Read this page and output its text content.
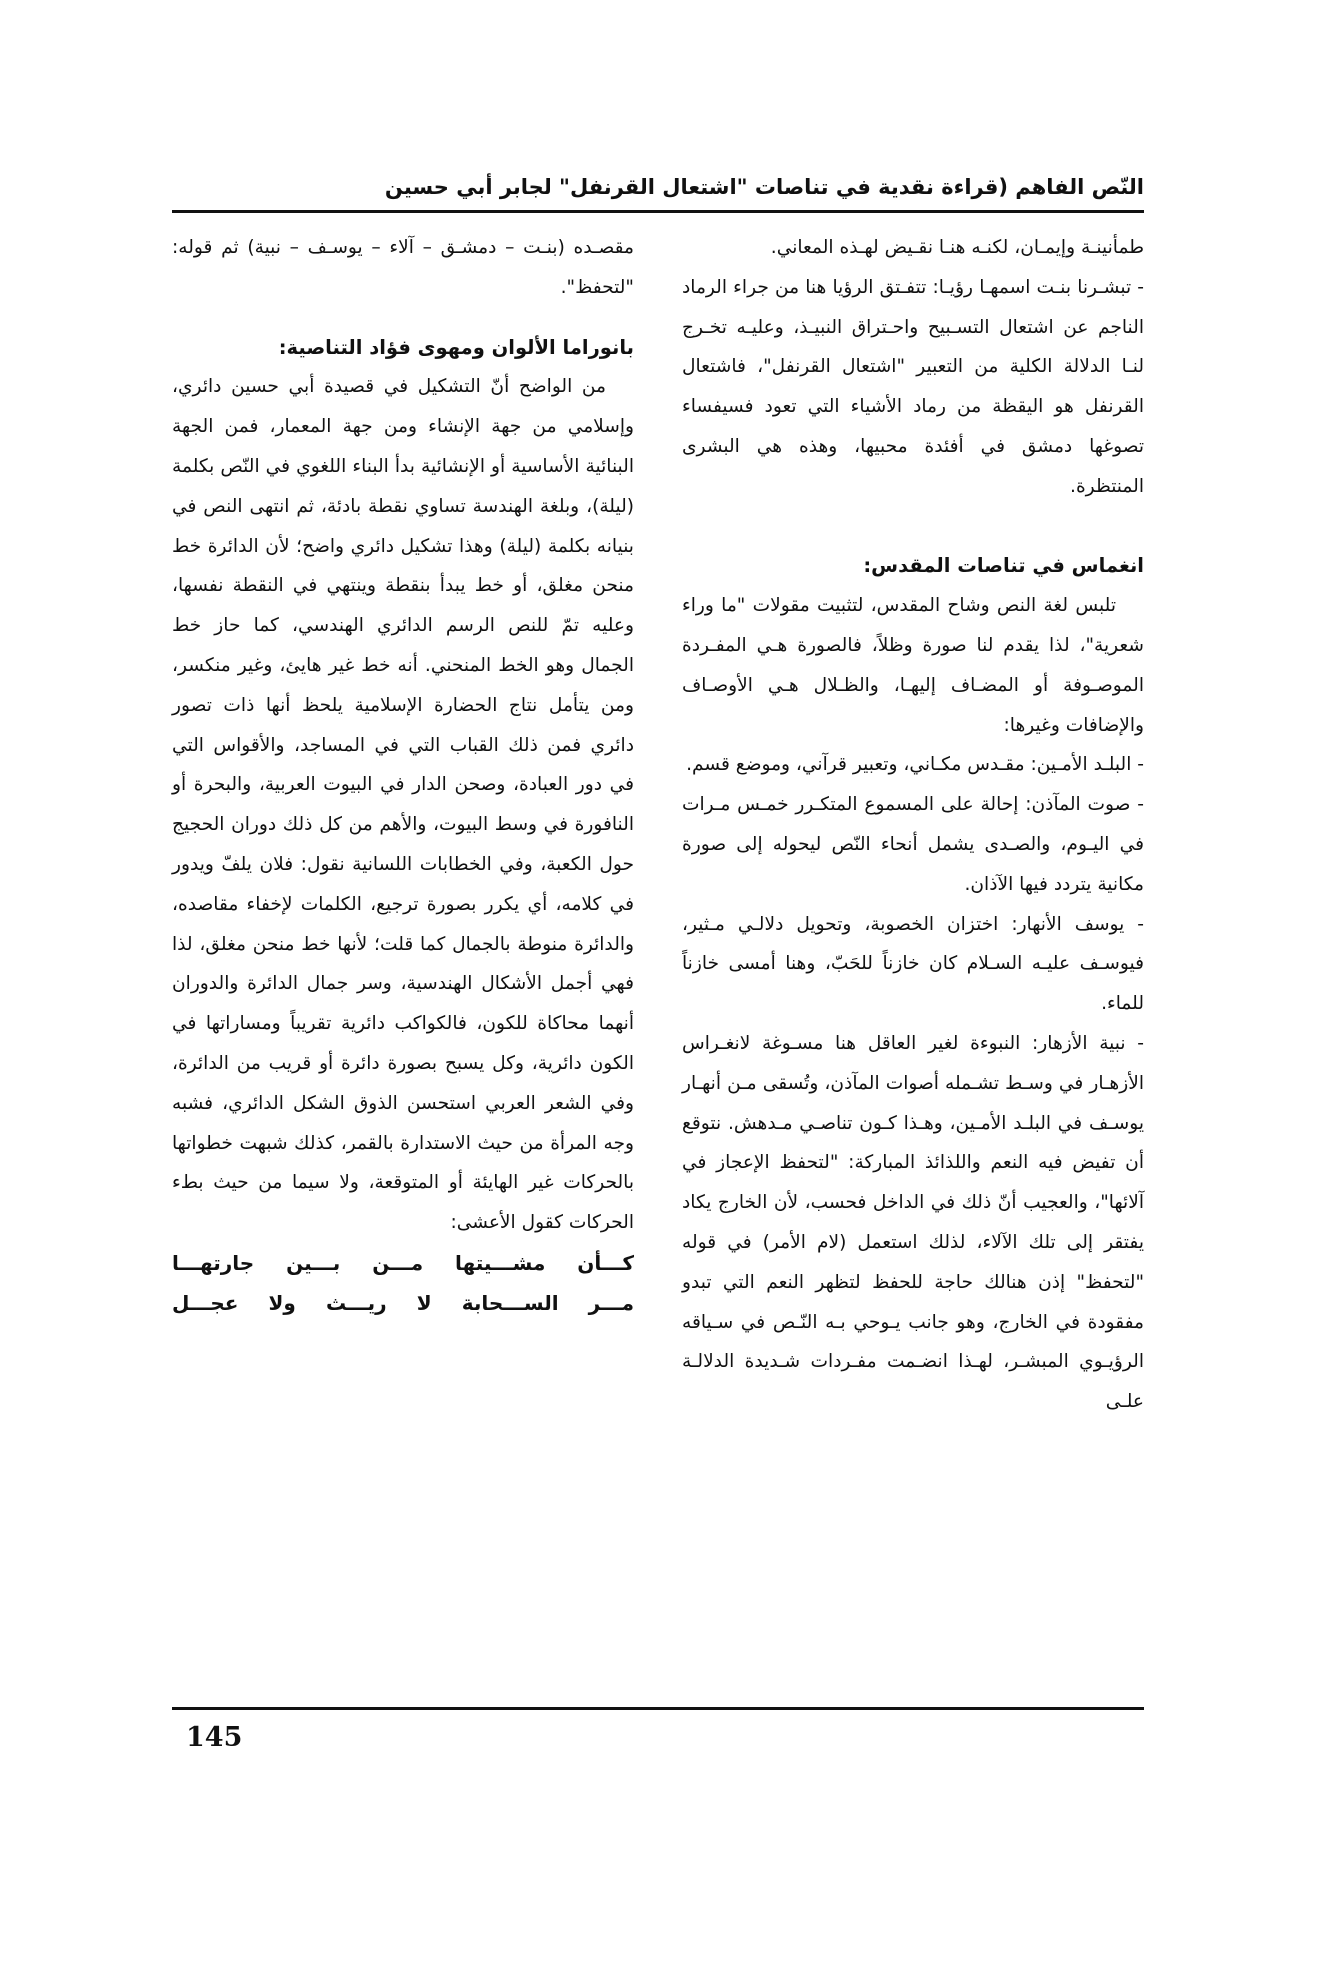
النّص الفاهم (قراءة نقدية في تناصات "اشتعال القرنفل" لجابر أبي حسين

طمأنينـة وإيمـان، لكنـه هنـا نقـيض لهـذه المعاني.

- تبشـرنا بنـت اسمهـا رؤيـا: تتفـتق الرؤيا هنا من جراء الرماد الناجم عن اشتعال التسـبيح واحـتراق النبيـذ، وعليـه تخـرج لنـا الدلالة الكلية من التعبير "اشتعال القرنفل"، فاشتعال القرنفل هو اليقظة من رماد الأشياء التي تعود فسيفساء تصوغها دمشق في أفئدة محبيها، وهذه هي البشرى المنتظرة.

انغماس في تناصات المقدس:

تلبس لغة النص وشاح المقدس، لتثبيت مقولات "ما وراء شعرية"، لذا يقدم لنا صورة وظلاً، فالصورة هـي المفـردة الموصـوفة أو المضـاف إليهـا، والظـلال هـي الأوصـاف والإضافات وغيرها:

- البلـد الأمـين: مقـدس مكـاني، وتعبير قرآني، وموضع قسم.

- صوت المآذن: إحالة على المسموع المتكـرر خمـس مـرات في اليـوم، والصـدى يشمل أنحاء النّص ليحوله إلى صورة مكانية يتردد فيها الآذان.

- يوسف الأنهار: اختزان الخصوبة، وتحويل دلالـي مـثير، فيوسـف عليـه السـلام كان خازناً للحَبّ، وهنا أمسى خازناً للماء.

- نبية الأزهار: النبوءة لغير العاقل هنا مسـوغة لانغـراس الأزهـار في وسـط تشـمله أصوات المآذن، وتُسقى مـن أنهـار يوسـف في البلـد الأمـين، وهـذا كـون تناصـي مـدهش. نتوقع أن تفيض فيه النعم واللذائذ المباركة: "لتحفظ الإعجاز في آلائها"، والعجيب أنّ ذلك في الداخل فحسب، لأن الخارج يكاد يفتقر إلى تلك الآلاء، لذلك استعمل (لام الأمر) في قوله "لتحفظ" إذن هنالك حاجة للحفظ لتظهر النعم التي تبدو مفقودة في الخارج، وهو جانب يـوحي بـه النّـص في سـياقه الرؤيـوي المبشـر، لهـذا انضـمت مفـردات شـديدة الدلالـة علـى

مقصـده (بنـت – دمشـق – آلاء – يوسـف – نبية) ثم قوله: "لتحفظ".

بانوراما الألوان ومهوى فؤاد التناصية:

من الواضح أنّ التشكيل في قصيدة أبي حسين دائري، وإسلامي من جهة الإنشاء ومن جهة المعمار، فمن الجهة البنائية الأساسية أو الإنشائية بدأ البناء اللغوي في النّص بكلمة (ليلة)، وبلغة الهندسة تساوي نقطة بادئة، ثم انتهى النص في بنيانه بكلمة (ليلة) وهذا تشكيل دائري واضح؛ لأن الدائرة خط منحن مغلق، أو خط يبدأ بنقطة وينتهي في النقطة نفسها، وعليه تمّ للنص الرسم الدائري الهندسي، كما حاز خط الجمال وهو الخط المنحني. أنه خط غير هايئ، وغير منكسر، ومن يتأمل نتاج الحضارة الإسلامية يلحظ أنها ذات تصور دائري فمن ذلك القباب التي في المساجد، والأقواس التي في دور العبادة، وصحن الدار في البيوت العربية، والبحرة أو النافورة في وسط البيوت، والأهم من كل ذلك دوران الحجيج حول الكعبة، وفي الخطابات اللسانية نقول: فلان يلفّ ويدور في كلامه، أي يكرر بصورة ترجيع، الكلمات لإخفاء مقاصده، والدائرة منوطة بالجمال كما قلت؛ لأنها خط منحن مغلق، لذا فهي أجمل الأشكال الهندسية، وسر جمال الدائرة والدوران أنهما محاكاة للكون، فالكواكب دائرية تقريباً ومساراتها في الكون دائرية، وكل يسبح بصورة دائرة أو قريب من الدائرة، وفي الشعر العربي استحسن الذوق الشكل الدائري، فشبه وجه المرأة من حيث الاستدارة بالقمر، كذلك شبهت خطواتها بالحركات غير الهايئة أو المتوقعة، ولا سيما من حيث بطء الحركات كقول الأعشى:

كـــأن مشـــيتها مـــن بـــين جارتهـــا
مـــر الســـحابة لا ريـــث ولا عجـــل
145
